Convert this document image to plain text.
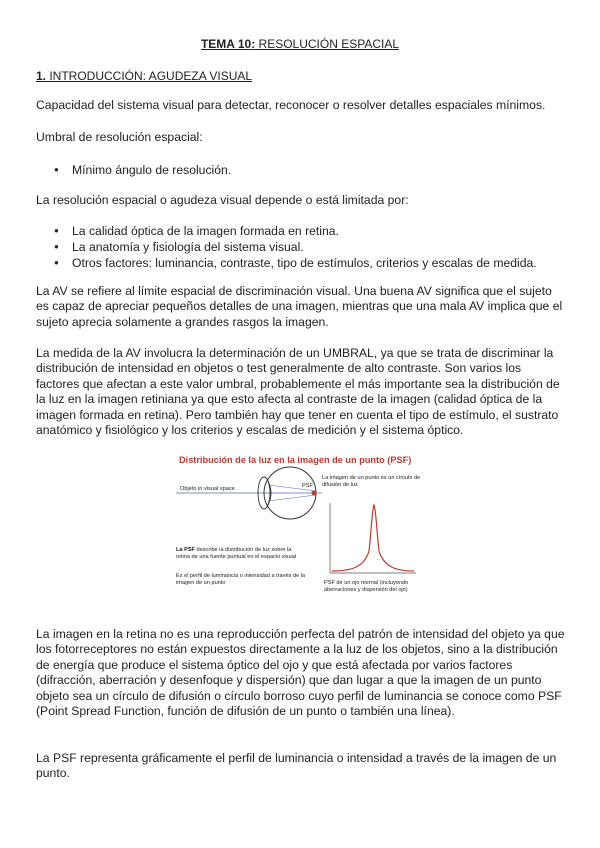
TEMA 10: RESOLUCIÓN ESPACIAL
1. INTRODUCCIÓN: AGUDEZA VISUAL
Capacidad del sistema visual para detectar, reconocer o resolver detalles espaciales mínimos.
Umbral de resolución espacial:
● Mínimo ángulo de resolución.
La resolución espacial o agudeza visual depende o está limitada por:
● La calidad óptica de la imagen formada en retina.
● La anatomía y fisiología del sistema visual.
● Otros factores: luminancia, contraste, tipo de estímulos, criterios y escalas de medida.
La AV se refiere al límite espacial de discriminación visual. Una buena AV significa que el sujeto es capaz de apreciar pequeños detalles de una imagen, mientras que una mala AV implica que el sujeto aprecia solamente a grandes rasgos la imagen.
La medida de la AV involucra la determinación de un UMBRAL, ya que se trata de discriminar la distribución de intensidad en objetos o test generalmente de alto contraste. Son varios los factores que afectan a este valor umbral, probablemente el más importante sea la distribución de la luz en la imagen retiniana ya que esto afecta al contraste de la imagen (calidad óptica de la imagen formada en retina). Pero también hay que tener en cuenta el tipo de estímulo, el sustrato anatómico y fisiológico y los criterios y escalas de medición y el sistema óptico.
Distribución de la luz en la imagen de un punto (PSF)
Objeto in visual space	PSF
La imagen de un punto es un círculo de difusión de luz
La PSF describe la distribución de luz sobre la retina de una fuente puntual en el espacio visual
Es el perfil de luminancia o intensidad a través de la imagen de un punto	PSF de un ojo normal (incluyendo aberraciones y dispersión del ojo)
La imagen en la retina no es una reproducción perfecta del patrón de intensidad del objeto ya que los fotorreceptores no están expuestos directamente a la luz de los objetos, sino a la distribución de energía que produce el sistema óptico del ojo y que está afectada por varios factores (difracción, aberración y desenfoque y dispersión) que dan lugar a que la imagen de un punto objeto sea un círculo de difusión o círculo borroso cuyo perfil de luminancia se conoce como PSF (Point Spread Function, función de difusión de un punto o también una línea).
La PSF representa gráficamente el perfil de luminancia o intensidad a través de la imagen de un punto.
